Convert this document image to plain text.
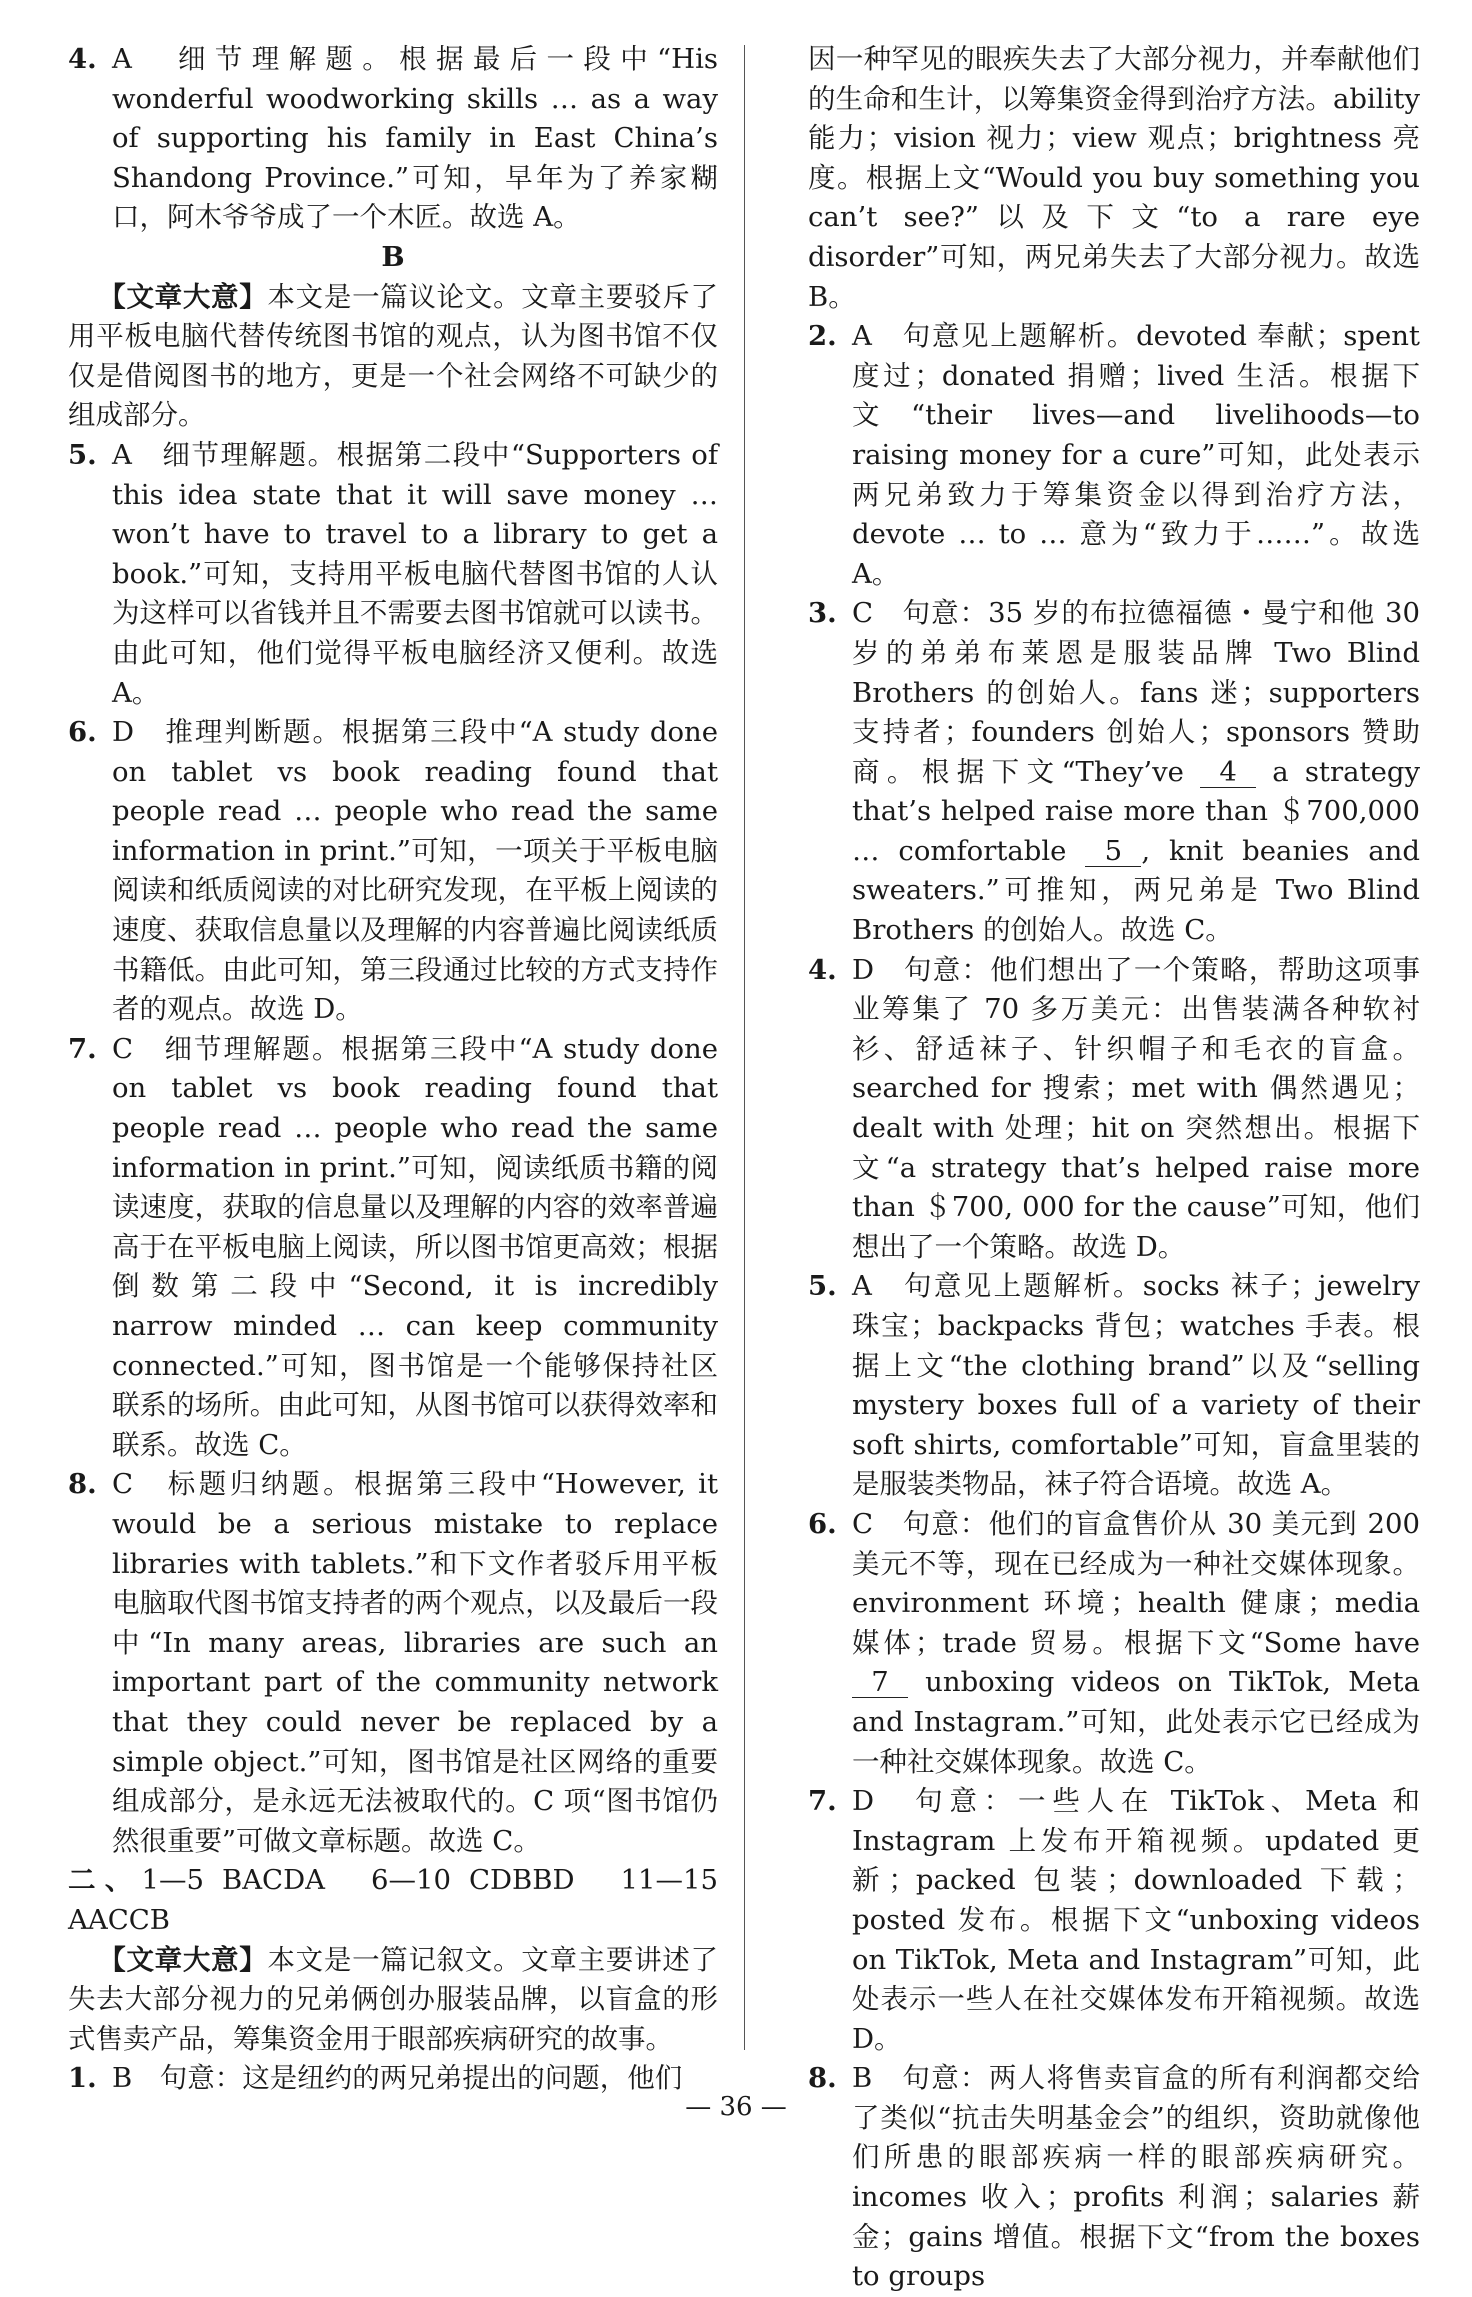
4. A　细节理解题。根据最后一段中“His wonderful woodworking skills … as a way of supporting his family in East China’s Shandong Province.”可知，早年为了养家糊口，阿木爷爷成了一个木匠。故选 A。

B

【文章大意】本文是一篇议论文。文章主要驳斥了用平板电脑代替传统图书馆的观点，认为图书馆不仅仅是借阅图书的地方，更是一个社会网络不可缺少的组成部分。

5. A　细节理解题。根据第二段中“Supporters of this idea state that it will save money … won’t have to travel to a library to get a book.”可知，支持用平板电脑代替图书馆的人认为这样可以省钱并且不需要去图书馆就可以读书。由此可知，他们觉得平板电脑经济又便利。故选 A。

6. D　推理判断题。根据第三段中“A study done on tablet vs book reading found that people read … people who read the same information in print.”可知，一项关于平板电脑阅读和纸质阅读的对比研究发现，在平板上阅读的速度、获取信息量以及理解的内容普遍比阅读纸质书籍低。由此可知，第三段通过比较的方式支持作者的观点。故选 D。

7. C　细节理解题。根据第三段中“A study done on tablet vs book reading found that people read … people who read the same information in print.”可知，阅读纸质书籍的阅读速度，获取的信息量以及理解的内容的效率普遍高于在平板电脑上阅读，所以图书馆更高效；根据倒数第二段中“Second, it is incredibly narrow minded … can keep community connected.”可知，图书馆是一个能够保持社区联系的场所。由此可知，从图书馆可以获得效率和联系。故选 C。

8. C　标题归纳题。根据第三段中“However, it would be a serious mistake to replace libraries with tablets.”和下文作者驳斥用平板电脑取代图书馆支持者的两个观点，以及最后一段中“In many areas, libraries are such an important part of the community network that they could never be replaced by a simple object.”可知，图书馆是社区网络的重要组成部分，是永远无法被取代的。C 项“图书馆仍然很重要”可做文章标题。故选 C。

二、1—5 BACDA　6—10 CDBBD　11—15 AACCB

【文章大意】本文是一篇记叙文。文章主要讲述了失去大部分视力的兄弟俩创办服装品牌，以盲盒的形式售卖产品，筹集资金用于眼部疾病研究的故事。

1. B　句意：这是纽约的两兄弟提出的问题，他们

因一种罕见的眼疾失去了大部分视力，并奉献他们的生命和生计，以筹集资金得到治疗方法。ability 能力；vision 视力；view 观点；brightness 亮度。根据上文“Would you buy something you can’t see?”以及下文“to a rare eye disorder”可知，两兄弟失去了大部分视力。故选 B。

2. A　句意见上题解析。devoted 奉献；spent 度过；donated 捐赠；lived 生活。根据下文“their lives—and livelihoods—to raising money for a cure”可知，此处表示两兄弟致力于筹集资金以得到治疗方法，devote … to … 意为“致力于……”。故选 A。

3. C　句意：35 岁的布拉德福德・曼宁和他 30 岁的弟弟布莱恩是服装品牌 Two Blind Brothers 的创始人。fans 迷；supporters 支持者；founders 创始人；sponsors 赞助商。根据下文“They’ve 4 a strategy that’s helped raise more than ＄700,000 … comfortable 5 , knit beanies and sweaters.”可推知，两兄弟是 Two Blind Brothers 的创始人。故选 C。

4. D　句意：他们想出了一个策略，帮助这项事业筹集了 70 多万美元：出售装满各种软衬衫、舒适袜子、针织帽子和毛衣的盲盒。searched for 搜索；met with 偶然遇见；dealt with 处理；hit on 突然想出。根据下文“a strategy that’s helped raise more than ＄700, 000 for the cause”可知，他们想出了一个策略。故选 D。

5. A　句意见上题解析。socks 袜子；jewelry 珠宝；backpacks 背包；watches 手表。根据上文“the clothing brand”以及“selling mystery boxes full of a variety of their soft shirts, comfortable”可知，盲盒里装的是服装类物品，袜子符合语境。故选 A。

6. C　句意：他们的盲盒售价从 30 美元到 200 美元不等，现在已经成为一种社交媒体现象。environment 环境；health 健康；media 媒体；trade 贸易。根据下文“Some have 7 unboxing videos on TikTok, Meta and Instagram.”可知，此处表示它已经成为一种社交媒体现象。故选 C。

7. D　句意：一些人在 TikTok、Meta 和 Instagram 上发布开箱视频。updated 更新；packed 包装；downloaded 下载；posted 发布。根据下文“unboxing videos on TikTok, Meta and Instagram”可知，此处表示一些人在社交媒体发布开箱视频。故选 D。

8. B　句意：两人将售卖盲盒的所有利润都交给了类似“抗击失明基金会”的组织，资助就像他们所患的眼部疾病一样的眼部疾病研究。incomes 收入；profits 利润；salaries 薪金；gains 增值。根据下文“from the boxes to groups

— 36 —
